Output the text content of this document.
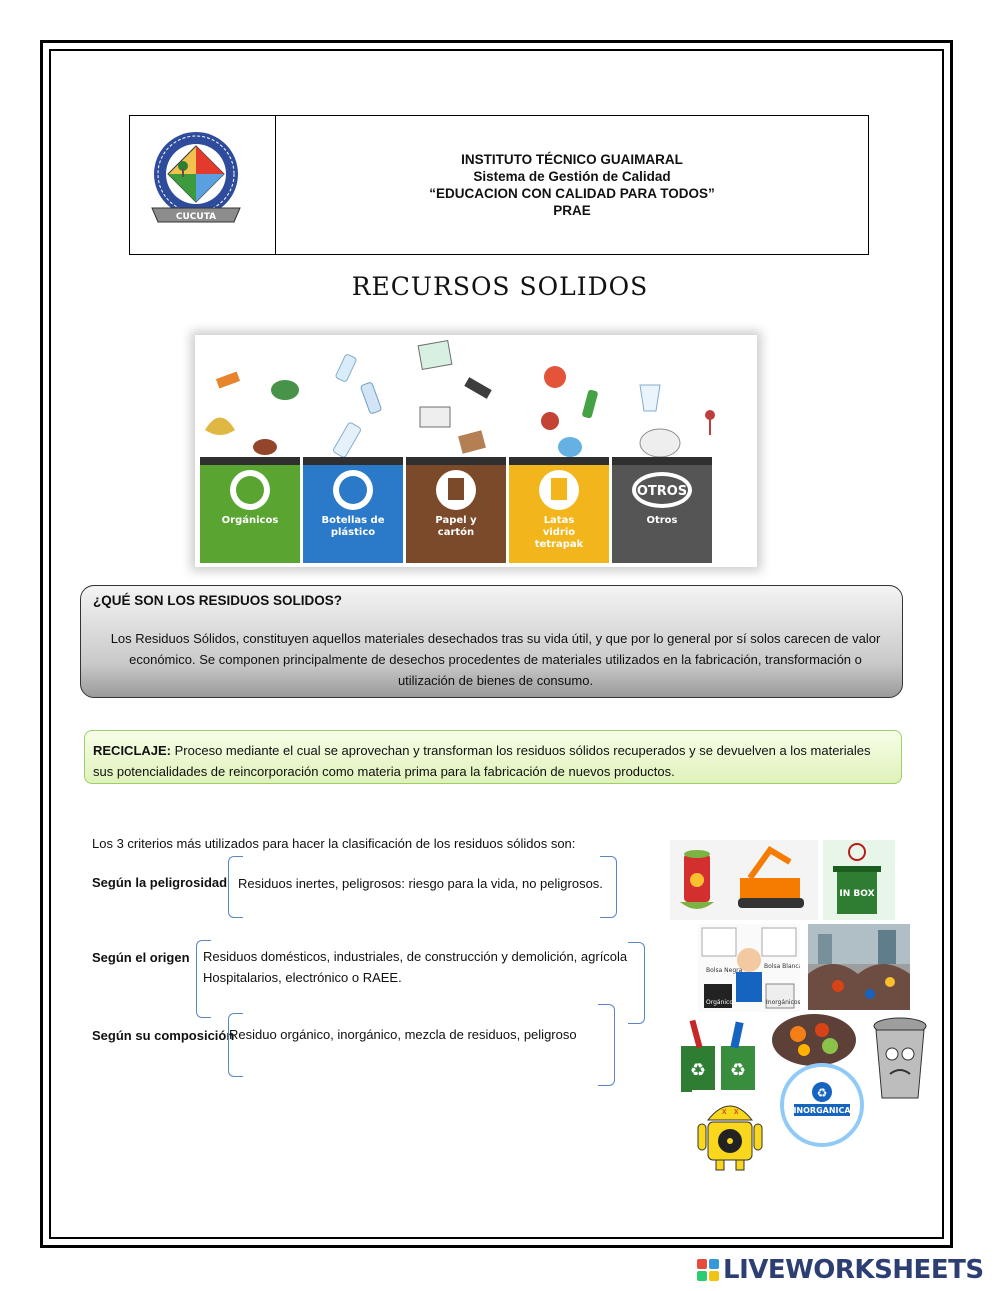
CUCUTA
INSTITUTO TÉCNICO GUAIMARAL
Sistema de Gestión de Calidad
“EDUCACION CON CALIDAD PARA TODOS”
PRAE
RECURSOS SOLIDOS
OTROS
Orgánicos	Botellas de
plástico
Papel y
cartón
Latas
vidrio
tetrapak
Otros
¿QUÉ SON LOS RESIDUOS SOLIDOS?

Los Residuos Sólidos, constituyen aquellos materiales desechados tras su vida útil, y que por lo general por sí solos carecen de valor económico. Se componen principalmente de desechos procedentes de materiales utilizados en la fabricación, transformación o utilización de bienes de consumo.

RECICLAJE: Proceso mediante el cual se aprovechan y transforman los residuos sólidos recuperados y se devuelven a los materiales sus potencialidades de reincorporación como materia prima para la fabricación de nuevos productos.
Los 3 criterios más utilizados para hacer la clasificación de los residuos sólidos son:
Según la peligrosidad Residuos inertes, peligrosos: riesgo para la vida, no peligrosos.
Según el origen Residuos domésticos, industriales, de construcción y demolición, agrícola Hospitalarios, electrónico o RAEE.
Según su composición
Residuo orgánico, inorgánico, mezcla de residuos, peligroso
IN BOX
Bolsa Negra
Bolsa Blanca
Orgánicos	Inorgánicos
♻ ♻
♻
INORGANICA
x x
LIVEWORKSHEETS
